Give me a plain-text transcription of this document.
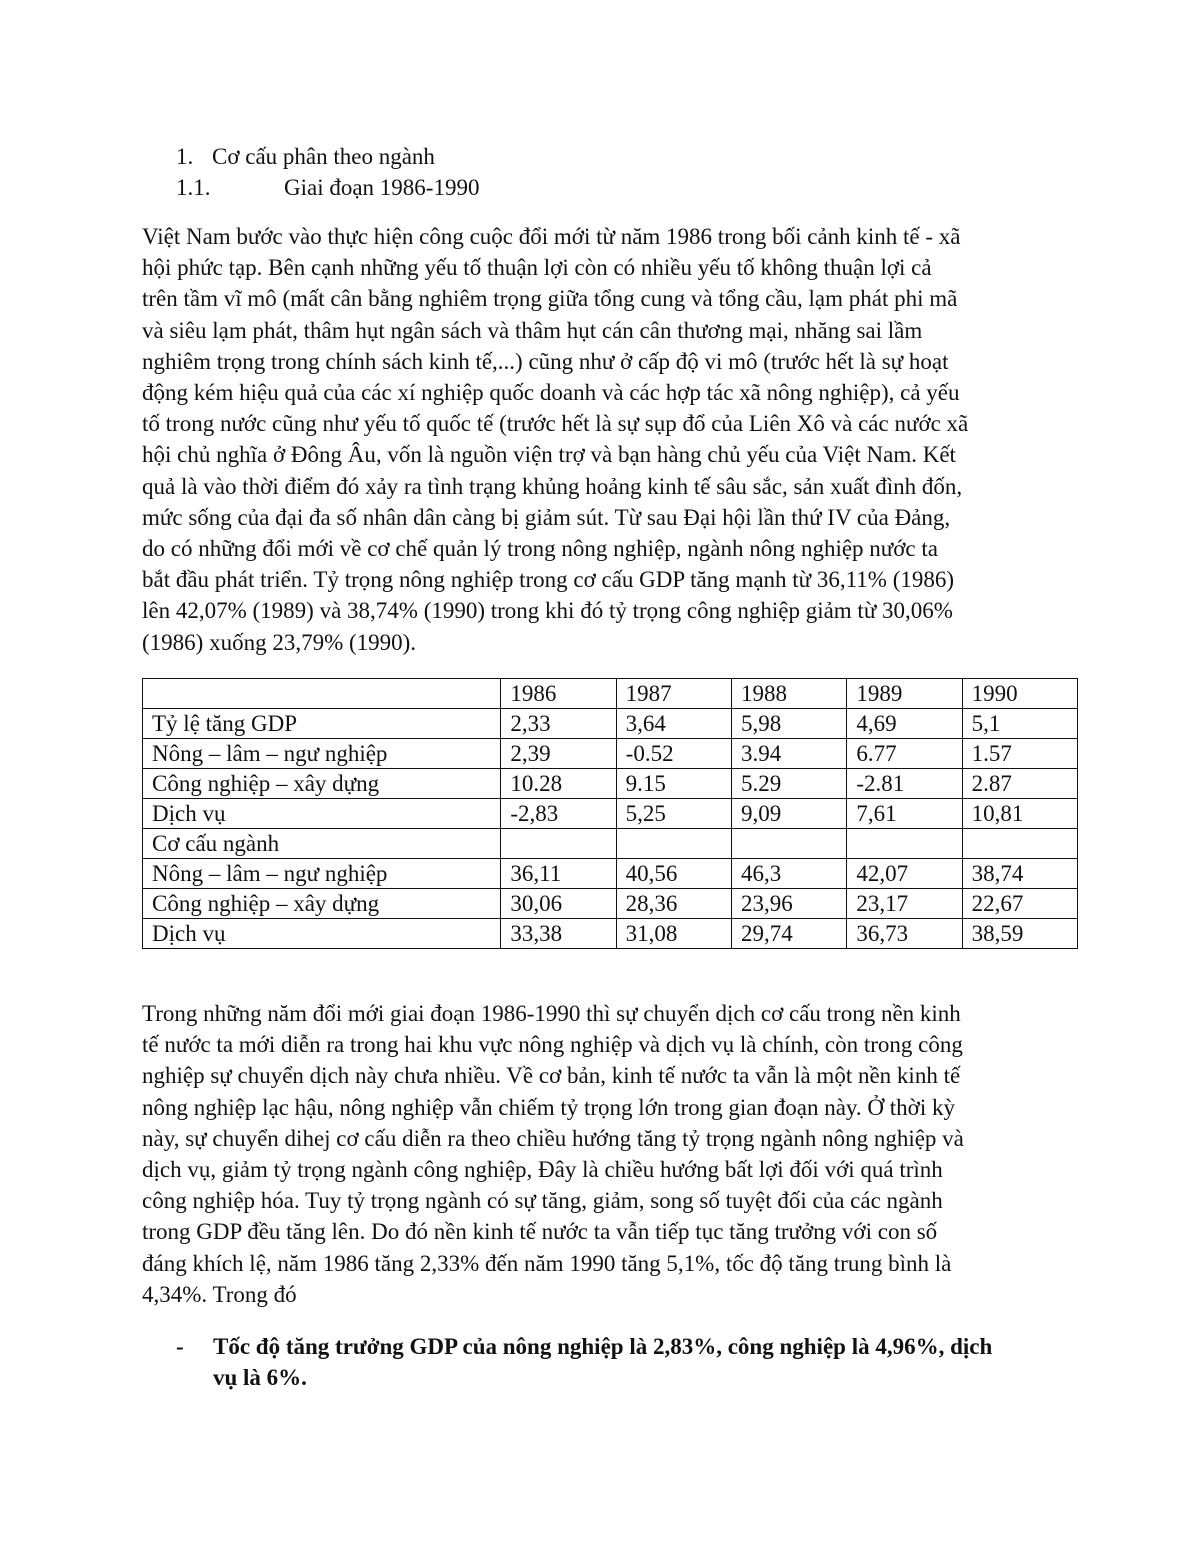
1. Cơ cấu phân theo ngành
1.1.	Giai đoạn 1986-1990

Việt Nam bước vào thực hiện công cuộc đổi mới từ năm 1986 trong bối cảnh kinh tế - xã
hội phức tạp. Bên cạnh những yếu tố thuận lợi còn có nhiều yếu tố không thuận lợi cả
trên tầm vĩ mô (mất cân bằng nghiêm trọng giữa tổng cung và tổng cầu, lạm phát phi mã
và siêu lạm phát, thâm hụt ngân sách và thâm hụt cán cân thương mại, nhăng sai lầm
nghiêm trọng trong chính sách kinh tế,...) cũng như ở cấp độ vi mô (trước hết là sự hoạt
động kém hiệu quả của các xí nghiệp quốc doanh và các hợp tác xã nông nghiệp), cả yếu
tố trong nước cũng như yếu tố quốc tế (trước hết là sự sụp đổ của Liên Xô và các nước xã
hội chủ nghĩa ở Đông Âu, vốn là nguồn viện trợ và bạn hàng chủ yếu của Việt Nam. Kết
quả là vào thời điểm đó xảy ra tình trạng khủng hoảng kinh tế sâu sắc, sản xuất đình đốn,
mức sống của đại đa số nhân dân càng bị giảm sút. Từ sau Đại hội lần thứ IV của Đảng,
do có những đổi mới về cơ chế quản lý trong nông nghiệp, ngành nông nghiệp nước ta
bắt đầu phát triển. Tỷ trọng nông nghiệp trong cơ cấu GDP tăng mạnh từ 36,11% (1986)
lên 42,07% (1989) và 38,74% (1990) trong khi đó tỷ trọng công nghiệp giảm từ 30,06%
(1986) xuống 23,79% (1990).

	1986	1987	1988	1989	1990
Tỷ lệ tăng GDP	2,33	3,64	5,98	4,69	5,1
Nông – lâm – ngư nghiệp	2,39	-0.52	3.94	6.77	1.57
Công nghiệp – xây dựng	10.28	9.15	5.29	-2.81	2.87
Dịch vụ	-2,83	5,25	9,09	7,61	10,81
Cơ cấu ngành					
Nông – lâm – ngư nghiệp	36,11	40,56	46,3	42,07	38,74
Công nghiệp – xây dựng	30,06	28,36	23,96	23,17	22,67
Dịch vụ	33,38	31,08	29,74	36,73	38,59

Trong những năm đổi mới giai đoạn 1986-1990 thì sự chuyển dịch cơ cấu trong nền kinh
tế nước ta mới diễn ra trong hai khu vực nông nghiệp và dịch vụ là chính, còn trong công
nghiệp sự chuyển dịch này chưa nhiều. Về cơ bản, kinh tế nước ta vẫn là một nền kinh tế
nông nghiệp lạc hậu, nông nghiệp vẫn chiếm tỷ trọng lớn trong gian đoạn này. Ở thời kỳ
này, sự chuyển dihej cơ cấu diễn ra theo chiều hướng tăng tỷ trọng ngành nông nghiệp và
dịch vụ, giảm tỷ trọng ngành công nghiệp, Đây là chiều hướng bất lợi đối với quá trình
công nghiệp hóa. Tuy tỷ trọng ngành có sự tăng, giảm, song số tuyệt đối của các ngành
trong GDP đều tăng lên. Do đó nền kinh tế nước ta vẫn tiếp tục tăng trưởng với con số
đáng khích lệ, năm 1986 tăng 2,33% đến năm 1990 tăng 5,1%, tốc độ tăng trung bình là
4,34%. Trong đó

- Tốc độ tăng trưởng GDP của nông nghiệp là 2,83%, công nghiệp là 4,96%, dịch
vụ là 6%.
